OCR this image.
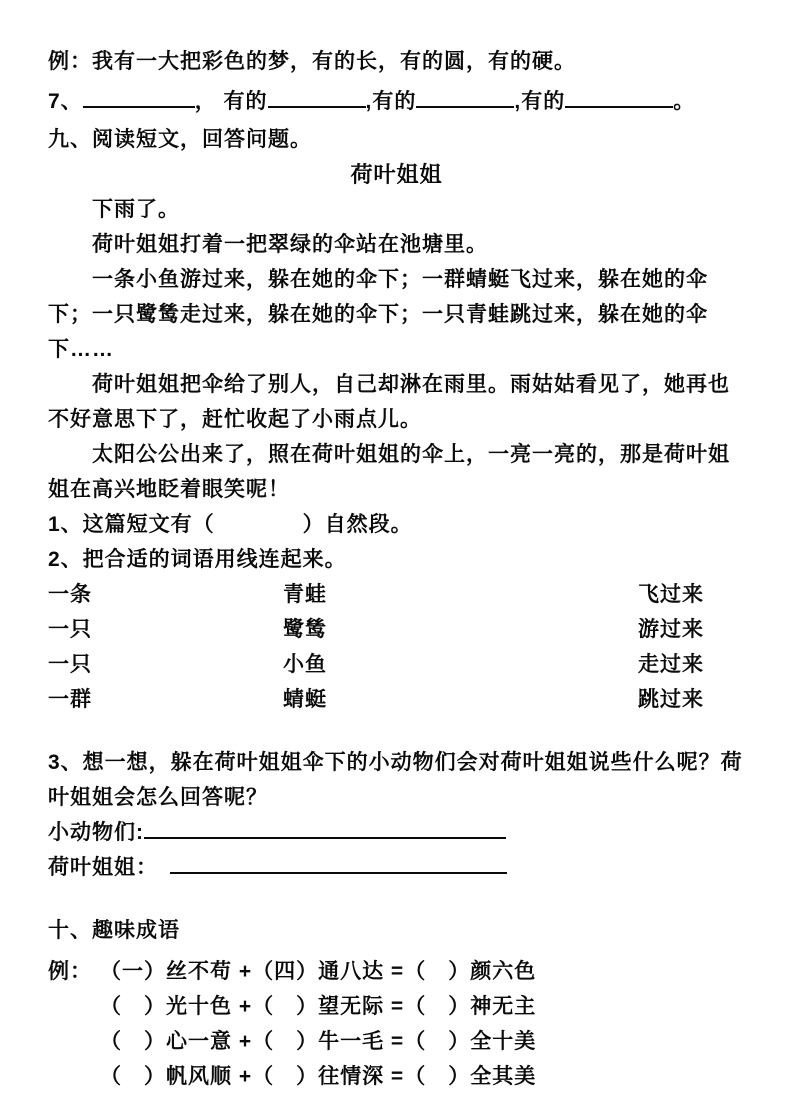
例：我有一大把彩色的梦，有的长，有的圆，有的硬。
7、	， 有的	,有的	,有的	。
九、阅读短文，回答问题。
荷叶姐姐
下雨了。
荷叶姐姐打着一把翠绿的伞站在池塘里。
一条小鱼游过来，躲在她的伞下；一群蜻蜓飞过来，躲在她的伞下；一只鹭鸶走过来，躲在她的伞下；一只青蛙跳过来，躲在她的伞下……
荷叶姐姐把伞给了别人，自己却淋在雨里。雨姑姑看见了，她再也不好意思下了，赶忙收起了小雨点儿。
太阳公公出来了，照在荷叶姐姐的伞上，一亮一亮的，那是荷叶姐姐在高兴地眨着眼笑呢！
1、这篇短文有（　　　　）自然段。
2、把合适的词语用线连起来。
一条	青蛙	飞过来
一只	鹭鸶	游过来
一只	小鱼	走过来
一群	蜻蜓	跳过来
3、想一想，躲在荷叶姐姐伞下的小动物们会对荷叶姐姐说些什么呢？荷叶姐姐会怎么回答呢？
小动物们:
荷叶姐姐：
十、趣味成语
例： （一）丝不苟 +（四）通八达 =（　）颜六色
（　）光十色 +（　）望无际 =（　）神无主
（　）心一意 +（　）牛一毛 =（　）全十美
（　）帆风顺 +（　）往情深 =（　）全其美
